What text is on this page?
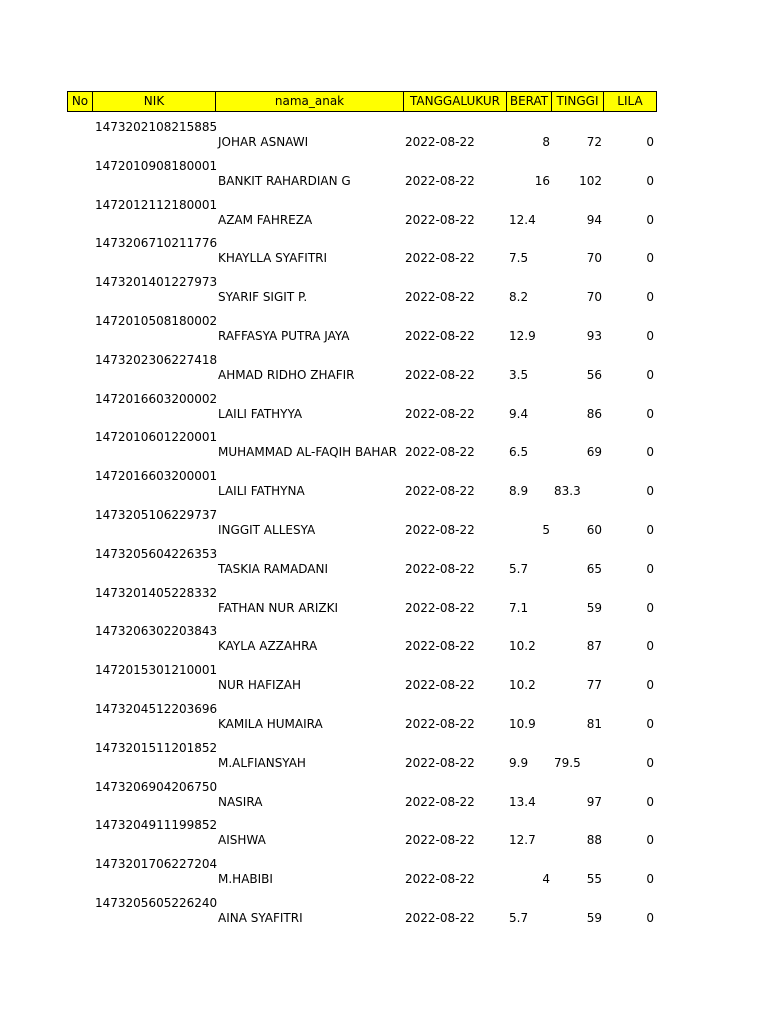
No	NIK	nama_anak	TANGGALUKUR BERAT TINGGI	LILA
1473202108215885
JOHAR ASNAWI	2022-08-22	8	72	0
1472010908180001
BANKIT RAHARDIAN G	2022-08-22	16 102	0
1472012112180001
AZAM FAHREZA	2022-08-22	12.4	94	0
1473206710211776
KHAYLLA SYAFITRI	2022-08-22	7.5	70	0
1473201401227973
SYARIF SIGIT P.	2022-08-22	8.2	70	0
1472010508180002
RAFFASYA PUTRA JAYA	2022-08-22	12.9	93	0
1473202306227418
AHMAD RIDHO ZHAFIR	2022-08-22	3.5	56	0
1472016603200002
LAILI FATHYYA	2022-08-22	9.4	86	0
1472010601220001
MUHAMMAD AL-FAQIH BAHAR 2022-08-22	6.5	69	0
1472016603200001
LAILI FATHYNA	2022-08-22	8.9 83.3	0
1473205106229737
INGGIT ALLESYA	2022-08-22	5	60	0
1473205604226353
TASKIA RAMADANI	2022-08-22	5.7	65	0
1473201405228332
FATHAN NUR ARIZKI	2022-08-22	7.1	59	0
1473206302203843
KAYLA AZZAHRA	2022-08-22	10.2	87	0
1472015301210001
NUR HAFIZAH	2022-08-22	10.2	77	0
1473204512203696
KAMILA HUMAIRA	2022-08-22	10.9	81	0
1473201511201852
M.ALFIANSYAH	2022-08-22	9.9 79.5	0
1473206904206750
NASIRA	2022-08-22	13.4	97	0
1473204911199852
AISHWA	2022-08-22	12.7	88	0
1473201706227204
M.HABIBI	2022-08-22	4	55	0
1473205605226240
AINA SYAFITRI	2022-08-22	5.7	59	0
